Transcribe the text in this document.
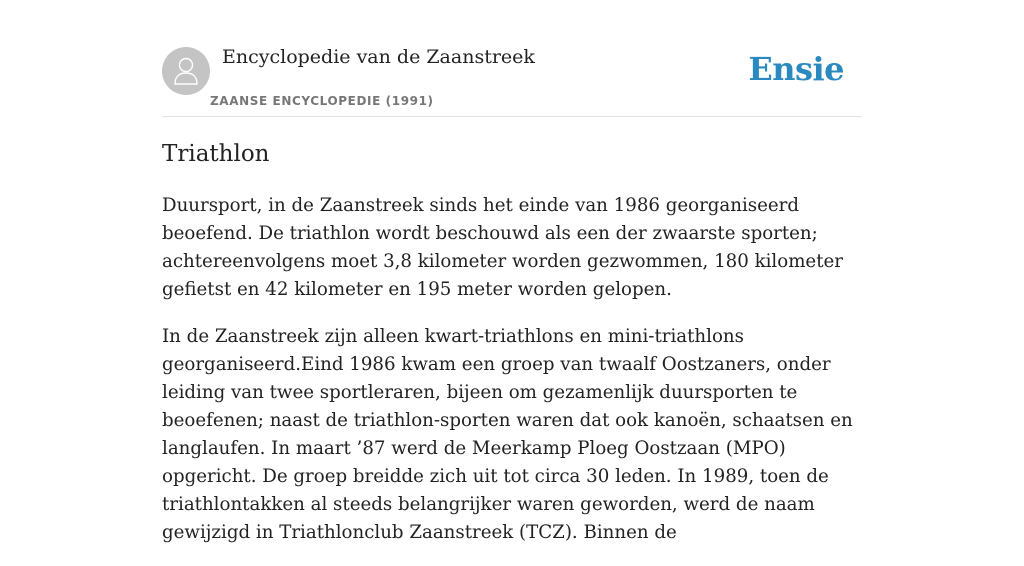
Encyclopedie van de Zaanstreek
ZAANSE ENCYCLOPEDIE (1991)
Ensie
Triathlon

Duursport, in de Zaanstreek sinds het einde van 1986 georganiseerd beoefend. De triathlon wordt beschouwd als een der zwaarste sporten; achtereenvolgens moet 3,8 kilometer worden gezwommen, 180 kilometer gefietst en 42 kilometer en 195 meter worden gelopen.

In de Zaanstreek zijn alleen kwart-triathlons en mini-triathlons georganiseerd.Eind 1986 kwam een groep van twaalf Oostzaners, onder leiding van twee sportleraren, bijeen om gezamenlijk duursporten te beoefenen; naast de triathlon-sporten waren dat ook kanoën, schaatsen en langlaufen. In maart ’87 werd de Meerkamp Ploeg Oostzaan (MPO) opgericht. De groep breidde zich uit tot circa 30 leden. In 1989, toen de triathlontakken al steeds belangrijker waren geworden, werd de naam gewijzigd in Triathlonclub Zaanstreek (TCZ). Binnen de
